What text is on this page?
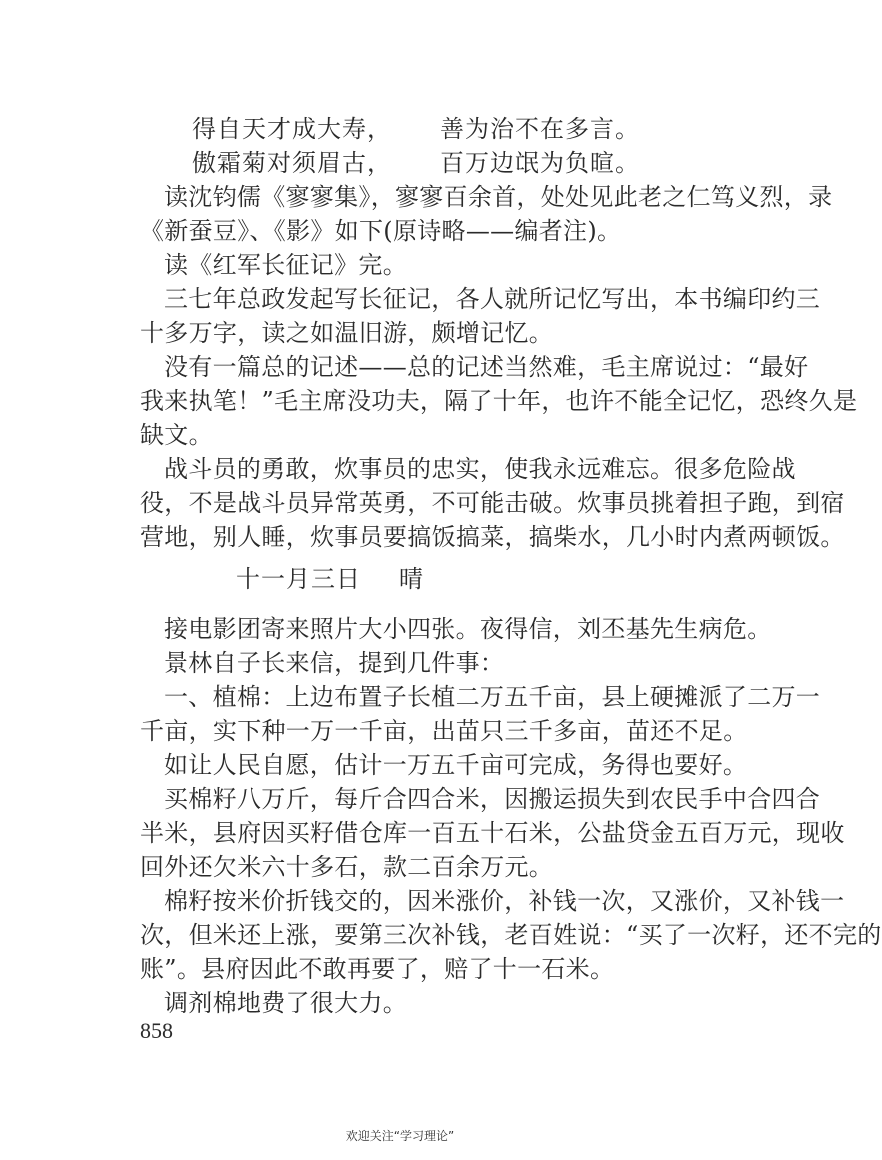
得自天才成大寿， 善为治不在多言。
傲霜菊对须眉古， 百万边氓为负暄。
读沈钧儒《寥寥集》，寥寥百余首，处处见此老之仁笃义烈，录
《新蚕豆》、《影》如下(原诗略——编者注)。
读《红军长征记》完。
三七年总政发起写长征记，各人就所记忆写出，本书编印约三
十多万字，读之如温旧游，颇增记忆。
没有一篇总的记述——总的记述当然难，毛主席说过：“最好
我来执笔！”毛主席没功夫，隔了十年，也许不能全记忆，恐终久是
缺文。
战斗员的勇敢，炊事员的忠实，使我永远难忘。很多危险战
役，不是战斗员异常英勇，不可能击破。炊事员挑着担子跑，到宿
营地，别人睡，炊事员要搞饭搞菜，搞柴水，几小时内煮两顿饭。
十一月三日 晴
接电影团寄来照片大小四张。夜得信，刘丕基先生病危。
景林自子长来信，提到几件事：
一、植棉：上边布置子长植二万五千亩，县上硬摊派了二万一
千亩，实下种一万一千亩，出苗只三千多亩，苗还不足。
如让人民自愿，估计一万五千亩可完成，务得也要好。
买棉籽八万斤，每斤合四合米，因搬运损失到农民手中合四合
半米，县府因买籽借仓库一百五十石米，公盐贷金五百万元，现收
回外还欠米六十多石，款二百余万元。
棉籽按米价折钱交的，因米涨价，补钱一次，又涨价，又补钱一
次，但米还上涨，要第三次补钱，老百姓说：“买了一次籽，还不完的
账”。县府因此不敢再要了，赔了十一石米。
调剂棉地费了很大力。
858
欢迎关注“学习理论”
